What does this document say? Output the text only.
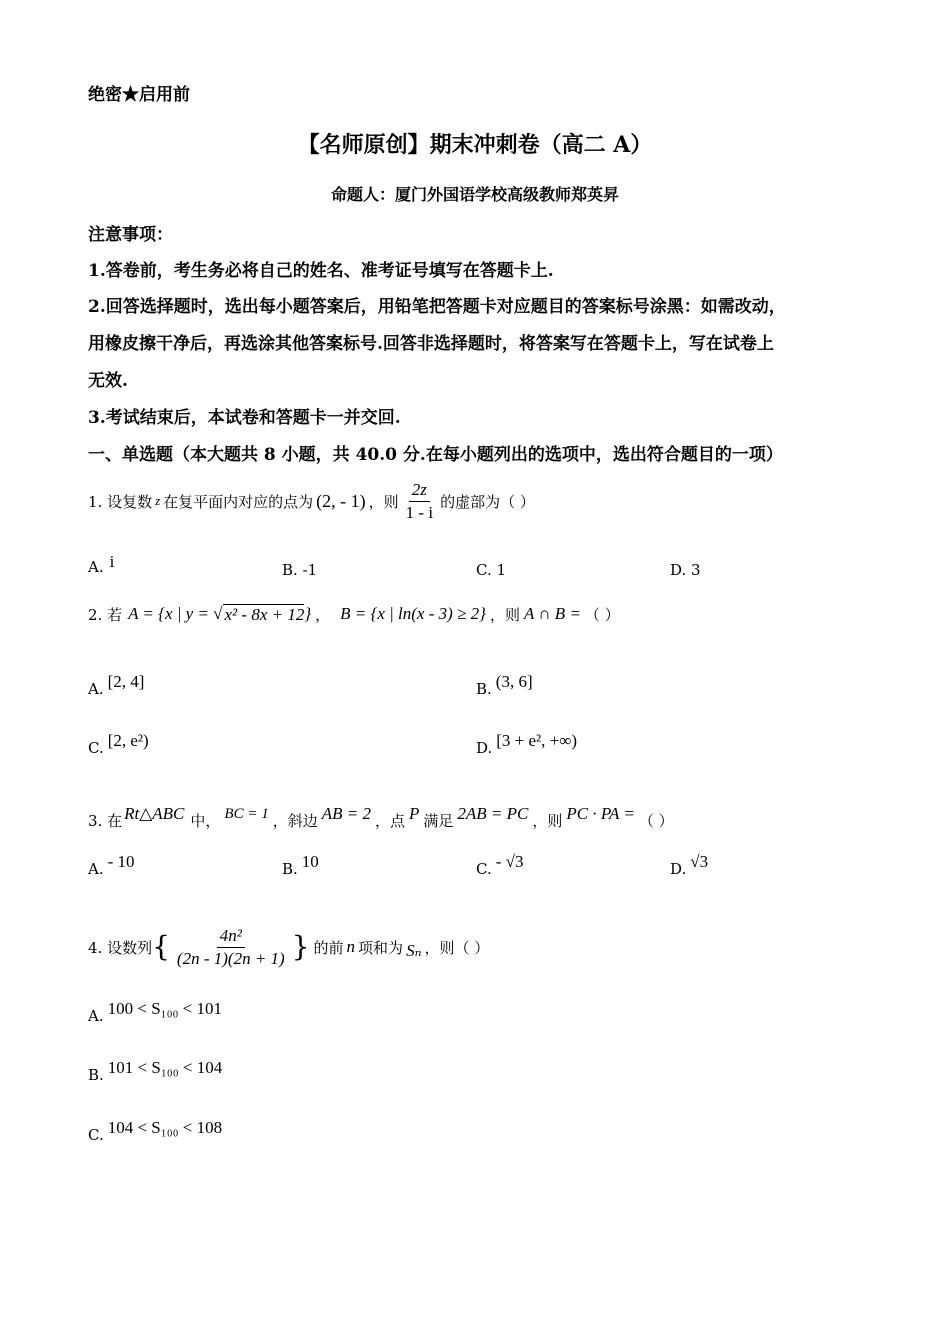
绝密★启用前
【名师原创】期末冲刺卷（高二 A）
命题人：厦门外国语学校高级教师郑英昇
注意事项：
1.答卷前，考生务必将自己的姓名、准考证号填写在答题卡上.
2.回答选择题时，选出每小题答案后，用铅笔把答题卡对应题目的答案标号涂黑：如需改动，
用橡皮擦干净后，再选涂其他答案标号.回答非选择题时，将答案写在答题卡上，写在试卷上
无效.
3.考试结束后，本试卷和答题卡一并交回.
一、单选题（本大题共 8 小题，共 40.0 分.在每小题列出的选项中，选出符合题目的一项）
1. 设复数 z 在复平面内对应的点为 (2, - 1) ，则 $\frac{2z}{1 - i}$ 的虚部为（ ）
A. i	B. -1	C. 1	D. 3
2. 若 A = {x | y = √ x² - 8x + 12 } ， B = {x | ln(x - 3) ≥ 2} ，则 A ∩ B = （ ）
A. [2, 4]	B. (3, 6]
C. [2, e²)	D. [3 + e², +∞)
3. 在 Rt△ABC 中， BC = 1 ，斜边 AB = 2 ，点 P 满足 2AB = PC ，则 PC · PA = （ ）
A. - 10	B. 10	C. - √3	D. √3
4. 设数列 { $\frac{\text{4n²}}{(2n - 1)(2n + 1)}$ } 的前 n 项和为 Sₙ ，则（ ）
A. 100 < S₁₀₀ < 101
B. 101 < S₁₀₀ < 104
C. 104 < S₁₀₀ < 108
